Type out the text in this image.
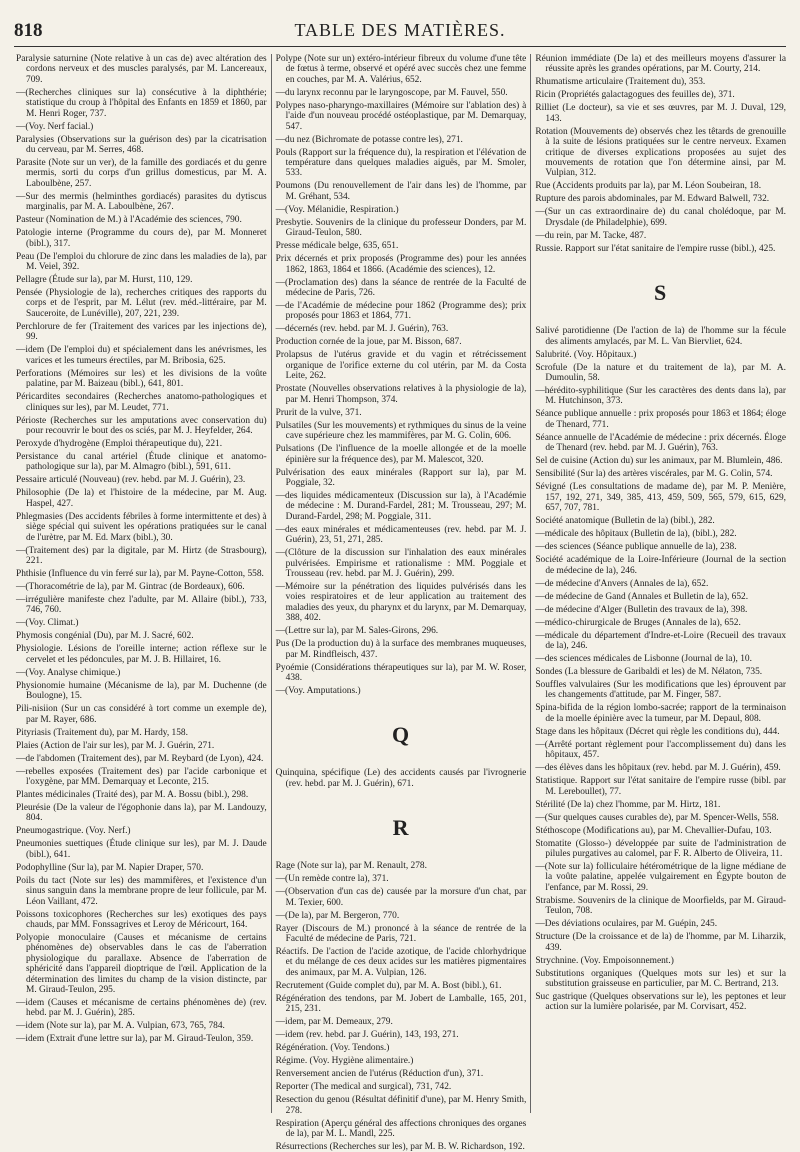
818	TABLE DES MATIÈRES.

Paralysie saturnine (Note relative à un cas de) avec altération des cordons nerveux et des muscles paralysés, par M. Lancereaux, 709.

—(Recherches cliniques sur la) consécutive à la diphthérie; statistique du croup à l'hôpital des Enfants en 1859 et 1860, par M. Henri Roger, 737.

—(Voy. Nerf facial.)

Paralysies (Observations sur la guérison des) par la cicatrisation du cerveau, par M. Serres, 468.

Parasite (Note sur un ver), de la famille des gordiacés et du genre mermis, sorti du corps d'un grillus domesticus, par M. A. Laboulbène, 257.

—Sur des mermis (helminthes gordiacés) parasites du dytiscus marginalis, par M. A. Laboulbène, 267.

Pasteur (Nomination de M.) à l'Académie des sciences, 790.

Patologie interne (Programme du cours de), par M. Monneret (bibl.), 317.

Peau (De l'emploi du chlorure de zinc dans les maladies de la), par M. Veiel, 392.

Pellagre (Étude sur la), par M. Hurst, 110, 129.

Pensée (Physiologie de la), recherches critiques des rapports du corps et de l'esprit, par M. Lélut (rev. méd.-littéraire, par M. Sauceroite, de Lunéville), 207, 221, 239.

Perchlorure de fer (Traitement des varices par les injections de), 99.

—idem (De l'emploi du) et spécialement dans les anévrismes, les varices et les tumeurs érectiles, par M. Bribosia, 625.

Perforations (Mémoires sur les) et les divisions de la voûte palatine, par M. Baizeau (bibl.), 641, 801.

Péricardites secondaires (Recherches anatomo-pathologiques et cliniques sur les), par M. Leudet, 771.

Périoste (Recherches sur les amputations avec conservation du) pour recouvrir le bout des os sciés, par M. J. Heyfelder, 264.

Peroxyde d'hydrogène (Emploi thérapeutique du), 221.

Persistance du canal artériel (Étude clinique et anatomo-pathologique sur la), par M. Almagro (bibl.), 591, 611.

Pessaire articulé (Nouveau) (rev. hebd. par M. J. Guérin), 23.

Philosophie (De la) et l'histoire de la médecine, par M. Aug. Haspel, 427.

Phlegmasies (Des accidents fébriles à forme intermittente et des) à siège spécial qui suivent les opérations pratiquées sur le canal de l'urètre, par M. Ed. Marx (bibl.), 30.

—(Traitement des) par la digitale, par M. Hirtz (de Strasbourg), 221.

Phthisie (Influence du vin ferré sur la), par M. Payne-Cotton, 558.

—(Thoracométrie de la), par M. Gintrac (de Bordeaux), 606.

—irrégulière manifeste chez l'adulte, par M. Allaire (bibl.), 733, 746, 760.

—(Voy. Climat.)

Phymosis congénial (Du), par M. J. Sacré, 602.

Physiologie. Lésions de l'oreille interne; action réflexe sur le cervelet et les pédoncules, par M. J. B. Hillairet, 16.

—(Voy. Analyse chimique.)

Physionomie humaine (Mécanisme de la), par M. Duchenne (de Boulogne), 15.

Pili-nisiion (Sur un cas considéré à tort comme un exemple de), par M. Rayer, 686.

Pityriasis (Traitement du), par M. Hardy, 158.

Plaies (Action de l'air sur les), par M. J. Guérin, 271.

—de l'abdomen (Traitement des), par M. Reybard (de Lyon), 424.

—rebelles exposées (Traitement des) par l'acide carbonique et l'oxygène, par MM. Demarquay et Leconte, 215.

Plantes médicinales (Traité des), par M. A. Bossu (bibl.), 298.

Pleurésie (De la valeur de l'égophonie dans la), par M. Landouzy, 804.

Pneumogastrique. (Voy. Nerf.)

Pneumonies suettiques (Étude clinique sur les), par M. J. Daude (bibl.), 641.

Podophylline (Sur la), par M. Napier Draper, 570.

Poils du tact (Note sur les) des mammifères, et l'existence d'un sinus sanguin dans la membrane propre de leur follicule, par M. Léon Vaillant, 472.

Poissons toxicophores (Recherches sur les) exotiques des pays chauds, par MM. Fonssagrives et Leroy de Méricourt, 164.

Polyopie monoculaire (Causes et mécanisme de certains phénomènes de) observables dans le cas de l'aberration physiologique du parallaxe. Absence de l'aberration de sphéricité dans l'appareil dioptrique de l'œil. Application de la détermination des limites du champ de la vision distincte, par M. Giraud-Teulon, 295.

—idem (Causes et mécanisme de certains phénomènes de) (rev. hebd. par M. J. Guérin), 285.

—idem (Note sur la), par M. A. Vulpian, 673, 765, 784.

—idem (Extrait d'une lettre sur la), par M. Giraud-Teulon, 359.

Polype (Note sur un) extéro-intérieur fibreux du volume d'une tête de fœtus à terme, observé et opéré avec succès chez une femme en couches, par M. A. Valérius, 652.

—du larynx reconnu par le laryngoscope, par M. Fauvel, 550.

Polypes naso-pharyngo-maxillaires (Mémoire sur l'ablation des) à l'aide d'un nouveau procédé ostéoplastique, par M. Demarquay, 547.

—du nez (Bichromate de potasse contre les), 271.

Pouls (Rapport sur la fréquence du), la respiration et l'élévation de température dans quelques maladies aiguës, par M. Smoler, 533.

Poumons (Du renouvellement de l'air dans les) de l'homme, par M. Gréhant, 534.

—(Voy. Mélanidie, Respiration.)

Presbytie. Souvenirs de la clinique du professeur Donders, par M. Giraud-Teulon, 580.

Presse médicale belge, 635, 651.

Prix décernés et prix proposés (Programme des) pour les années 1862, 1863, 1864 et 1866. (Académie des sciences), 12.

—(Proclamation des) dans la séance de rentrée de la Faculté de médecine de Paris, 726.

—de l'Académie de médecine pour 1862 (Programme des); prix proposés pour 1863 et 1864, 771.

—décernés (rev. hebd. par M. J. Guérin), 763.

Production cornée de la joue, par M. Bisson, 687.

Prolapsus de l'utérus gravide et du vagin et rétrécissement organique de l'orifice externe du col utérin, par M. da Costa Leite, 262.

Prostate (Nouvelles observations relatives à la physiologie de la), par M. Henri Thompson, 374.

Prurit de la vulve, 371.

Pulsatiles (Sur les mouvements) et rythmiques du sinus de la veine cave supérieure chez les mammifères, par M. G. Colin, 606.

Pulsations (De l'influence de la moelle allongée et de la moelle épinière sur la fréquence des), par M. Malescot, 320.

Pulvérisation des eaux minérales (Rapport sur la), par M. Poggiale, 32.

—des liquides médicamenteux (Discussion sur la), à l'Académie de médecine : M. Durand-Fardel, 281; M. Trousseau, 297; M. Durand-Fardel, 298; M. Poggiale, 311.

—des eaux minérales et médicamenteuses (rev. hebd. par M. J. Guérin), 23, 51, 271, 285.

—(Clôture de la discussion sur l'inhalation des eaux minérales pulvérisées. Empirisme et rationalisme : MM. Poggiale et Trousseau (rev. hebd. par M. J. Guérin), 299.

—Mémoire sur la pénétration des liquides pulvérisés dans les voies respiratoires et de leur application au traitement des maladies des yeux, du pharynx et du larynx, par M. Demarquay, 388, 402.

—(Lettre sur la), par M. Sales-Girons, 296.

Pus (De la production du) à la surface des membranes muqueuses, par M. Rindfleisch, 437.

Pyoémie (Considérations thérapeutiques sur la), par M. W. Roser, 438.

—(Voy. Amputations.)

Q

Quinquina, spécifique (Le) des accidents causés par l'ivrognerie (rev. hebd. par M. J. Guérin), 671.

R

Rage (Note sur la), par M. Renault, 278.

—(Un remède contre la), 371.

—(Observation d'un cas de) causée par la morsure d'un chat, par M. Texier, 600.

—(De la), par M. Bergeron, 770.

Rayer (Discours de M.) prononcé à la séance de rentrée de la Faculté de médecine de Paris, 721.

Réactifs. De l'action de l'acide azotique, de l'acide chlorhydrique et du mélange de ces deux acides sur les matières pigmentaires des animaux, par M. A. Vulpian, 126.

Recrutement (Guide complet du), par M. A. Bost (bibl.), 61.

Régénération des tendons, par M. Jobert de Lamballe, 165, 201, 215, 231.

—idem, par M. Demeaux, 279.

—idem (rev. hebd. par J. Guérin), 143, 193, 271.

Régénération. (Voy. Tendons.)

Régime. (Voy. Hygiène alimentaire.)

Renversement ancien de l'utérus (Réduction d'un), 371.

Reporter (The medical and surgical), 731, 742.

Resection du genou (Résultat définitif d'une), par M. Henry Smith, 278.

Respiration (Aperçu général des affections chroniques des organes de la), par M. L. Mandl, 225.

Résurrections (Recherches sur les), par M. B. W. Richardson, 192.

Réunion immédiate (De la) et des meilleurs moyens d'assurer la réussite après les grandes opérations, par M. Courty, 214.

Rhumatisme articulaire (Traitement du), 353.

Ricin (Propriétés galactagogues des feuilles de), 371.

Rilliet (Le docteur), sa vie et ses œuvres, par M. J. Duval, 129, 143.

Rotation (Mouvements de) observés chez les têtards de grenouille à la suite de lésions pratiquées sur le centre nerveux. Examen critique de diverses explications proposées au sujet des mouvements de rotation que l'on détermine ainsi, par M. Vulpian, 312.

Rue (Accidents produits par la), par M. Léon Soubeiran, 18.

Rupture des parois abdominales, par M. Edward Balwell, 732.

—(Sur un cas extraordinaire de) du canal cholédoque, par M. Drysdale (de Philadelphie), 699.

—du rein, par M. Tacke, 487.

Russie. Rapport sur l'état sanitaire de l'empire russe (bibl.), 425.

S

Salivé parotidienne (De l'action de la) de l'homme sur la fécule des aliments amylacés, par M. L. Van Biervliet, 624.

Salubrité. (Voy. Hôpitaux.)

Scrofule (De la nature et du traitement de la), par M. A. Dumoulin, 58.

—hérédito-syphilitique (Sur les caractères des dents dans la), par M. Hutchinson, 373.

Séance publique annuelle : prix proposés pour 1863 et 1864; éloge de Thenard, 771.

Séance annuelle de l'Académie de médecine : prix décernés. Éloge de Thenard (rev. hebd. par M. J. Guérin), 763.

Sel de cuisine (Action du) sur les animaux, par M. Blumlein, 486.

Sensibilité (Sur la) des artères viscérales, par M. G. Colin, 574.

Sévigné (Les consultations de madame de), par M. P. Menière, 157, 192, 271, 349, 385, 413, 459, 509, 565, 579, 615, 629, 657, 707, 781.

Société anatomique (Bulletin de la) (bibl.), 282.

—médicale des hôpitaux (Bulletin de la), (bibl.), 282.

—des sciences (Séance publique annuelle de la), 238.

Société académique de la Loire-Inférieure (Journal de la section de médecine de la), 246.

—de médecine d'Anvers (Annales de la), 652.

—de médecine de Gand (Annales et Bulletin de la), 652.

—de médecine d'Alger (Bulletin des travaux de la), 398.

—médico-chirurgicale de Bruges (Annales de la), 652.

—médicale du département d'Indre-et-Loire (Recueil des travaux de la), 246.

—des sciences médicales de Lisbonne (Journal de la), 10.

Sondes (La blessure de Garibaldi et les) de M. Nélaton, 735.

Souffles valvulaires (Sur les modifications que les) éprouvent par les changements d'attitude, par M. Finger, 587.

Spina-bifida de la région lombo-sacrée; rapport de la terminaison de la moelle épinière avec la tumeur, par M. Depaul, 808.

Stage dans les hôpitaux (Décret qui règle les conditions du), 444.

—(Arrêté portant règlement pour l'accomplissement du) dans les hôpitaux, 457.

—des élèves dans les hôpitaux (rev. hebd. par M. J. Guérin), 459.

Statistique. Rapport sur l'état sanitaire de l'empire russe (bibl. par M. Lereboullet), 77.

Stérilité (De la) chez l'homme, par M. Hirtz, 181.

—(Sur quelques causes curables de), par M. Spencer-Wells, 558.

Stéthoscope (Modifications au), par M. Chevallier-Dufau, 103.

Stomatite (Glosso-) développée par suite de l'administration de pilules purgatives au calomel, par F. R. Alberto de Oliveira, 11.

—(Note sur la) folliculaire hétérométrique de la ligne médiane de la voûte palatine, appelée vulgairement en Égypte bouton de l'enfance, par M. Rossi, 29.

Strabisme. Souvenirs de la clinique de Moorfields, par M. Giraud-Teulon, 708.

—Des déviations oculaires, par M. Guépin, 245.

Structure (De la croissance et de la) de l'homme, par M. Liharzik, 439.

Strychnine. (Voy. Empoisonnement.)

Substitutions organiques (Quelques mots sur les) et sur la substitution graisseuse en particulier, par M. C. Bertrand, 213.

Suc gastrique (Quelques observations sur le), les peptones et leur action sur la lumière polarisée, par M. Corvisart, 452.
